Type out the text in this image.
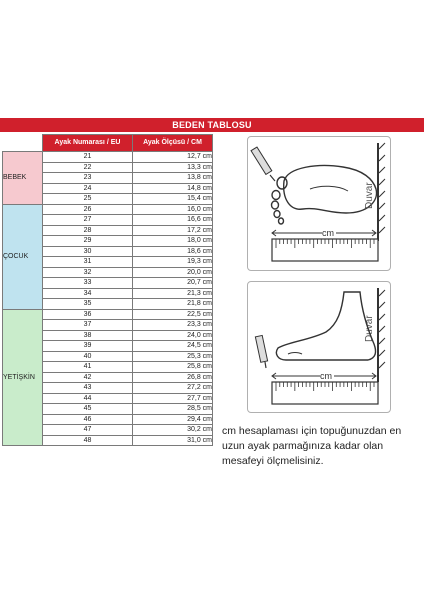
BEDEN TABLOSU
	Ayak Numarası / EU	Ayak Ölçüsü / CM
BEBEK	21	12,7 cm
	22	13,3 cm
	23	13,8 cm
	24	14,8 cm
	25	15,4 cm
ÇOCUK	26	16,0 cm
	27	16,6 cm
	28	17,2 cm
	29	18,0 cm
	30	18,6 cm
	31	19,3 cm
	32	20,0 cm
	33	20,7 cm
	34	21,3 cm
	35	21,8 cm
YETİŞKİN	36	22,5 cm
	37	23,3 cm
	38	24,0 cm
	39	24,5 cm
	40	25,3 cm
	41	25,8 cm
	42	26,8 cm
	43	27,2 cm
	44	27,7 cm
	45	28,5 cm
	46	29,4 cm
	47	30,2 cm
	48	31,0 cm
Duvar
cm
Duvar
cm
cm hesaplaması için topuğunuzdan en uzun ayak parmağınıza kadar olan mesafeyi ölçmelisiniz.
